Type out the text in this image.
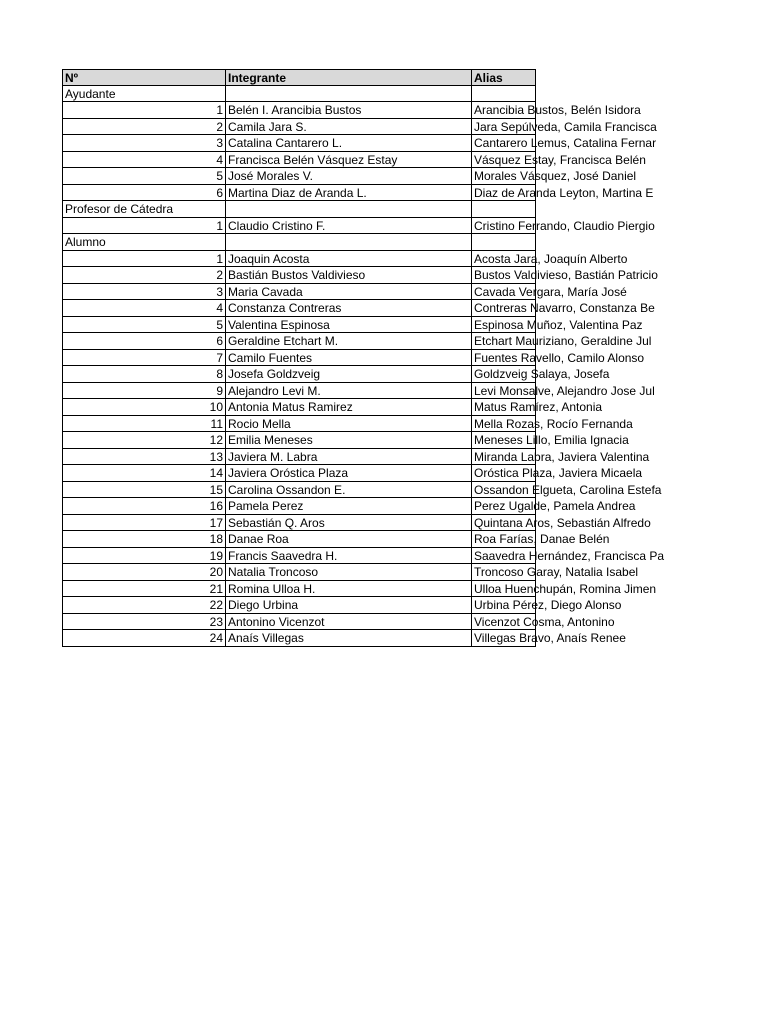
Nº	Integrante	Alias
Ayudante
1 Belén I. Arancibia Bustos	Arancibia Bustos, Belén Isidora
2 Camila Jara S.	Jara Sepúlveda, Camila Francisca
3 Catalina Cantarero L.	Cantarero Lemus, Catalina Fernar
4 Francisca Belén Vásquez Estay	Vásquez Estay, Francisca Belén
5 José Morales V.	Morales Vásquez, José Daniel
6 Martina Diaz de Aranda L.	Diaz de Aranda Leyton, Martina E
Profesor de Cátedra
1 Claudio Cristino F.	Cristino Ferrando, Claudio Piergio
Alumno
1 Joaquin Acosta	Acosta Jara, Joaquín Alberto
2 Bastián Bustos Valdivieso	Bustos Valdivieso, Bastián Patricio
3 Maria Cavada	Cavada Vergara, María José
4 Constanza Contreras	Contreras Navarro, Constanza Be
5 Valentina Espinosa	Espinosa Muñoz, Valentina Paz
6 Geraldine Etchart M.	Etchart Mauriziano, Geraldine Jul
7 Camilo Fuentes	Fuentes Ravello, Camilo Alonso
8 Josefa Goldzveig	Goldzveig Salaya, Josefa
9 Alejandro Levi M.	Levi Monsalve, Alejandro Jose Jul
10 Antonia Matus Ramirez	Matus Ramírez, Antonia
11 Rocio Mella	Mella Rozas, Rocío Fernanda
12 Emilia Meneses	Meneses Lillo, Emilia Ignacia
13 Javiera M. Labra	Miranda Labra, Javiera Valentina
14 Javiera Oróstica Plaza	Oróstica Plaza, Javiera Micaela
15 Carolina Ossandon E.	Ossandon Elgueta, Carolina Estefa
16 Pamela Perez	Perez Ugalde, Pamela Andrea
17 Sebastián Q. Aros	Quintana Aros, Sebastián Alfredo
18 Danae Roa	Roa Farías, Danae Belén
19 Francis Saavedra H.	Saavedra Hernández, Francisca Pa
20 Natalia Troncoso	Troncoso Garay, Natalia Isabel
21 Romina Ulloa H.	Ulloa Huenchupán, Romina Jimen
22 Diego Urbina	Urbina Pérez, Diego Alonso
23 Antonino Vicenzot	Vicenzot Cosma, Antonino
24 Anaís Villegas	Villegas Bravo, Anaís Renee
